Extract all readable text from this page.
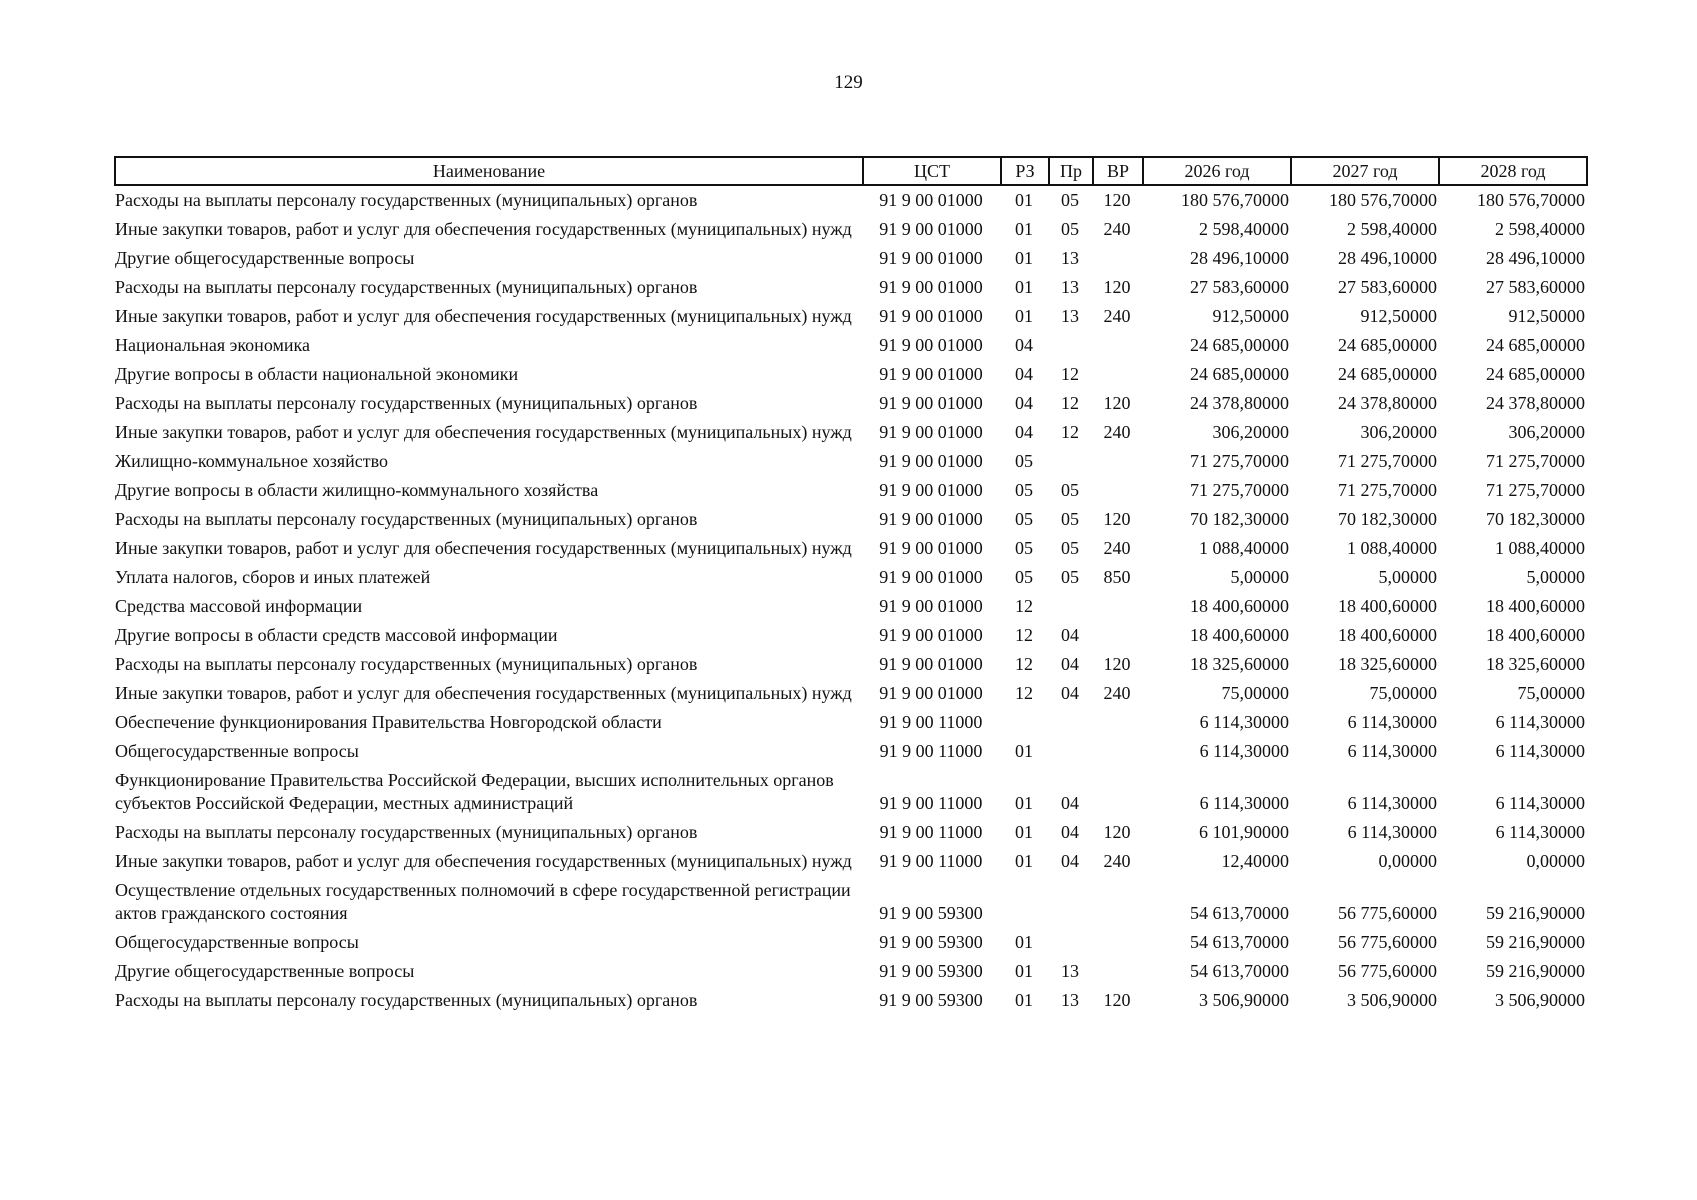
129
Наименование	ЦСТ	РЗ	Пр	ВР	2026 год	2027 год	2028 год
Расходы на выплаты персоналу государственных (муниципальных) органов	91 9 00 01000	01	05	120	180 576,70000	180 576,70000	180 576,70000
Иные закупки товаров, работ и услуг для обеспечения государственных (муниципальных) нужд	91 9 00 01000	01	05	240	2 598,40000	2 598,40000	2 598,40000
Другие общегосударственные вопросы	91 9 00 01000	01	13		28 496,10000	28 496,10000	28 496,10000
Расходы на выплаты персоналу государственных (муниципальных) органов	91 9 00 01000	01	13	120	27 583,60000	27 583,60000	27 583,60000
Иные закупки товаров, работ и услуг для обеспечения государственных (муниципальных) нужд	91 9 00 01000	01	13	240	912,50000	912,50000	912,50000
Национальная экономика	91 9 00 01000	04			24 685,00000	24 685,00000	24 685,00000
Другие вопросы в области национальной экономики	91 9 00 01000	04	12		24 685,00000	24 685,00000	24 685,00000
Расходы на выплаты персоналу государственных (муниципальных) органов	91 9 00 01000	04	12	120	24 378,80000	24 378,80000	24 378,80000
Иные закупки товаров, работ и услуг для обеспечения государственных (муниципальных) нужд	91 9 00 01000	04	12	240	306,20000	306,20000	306,20000
Жилищно-коммунальное хозяйство	91 9 00 01000	05			71 275,70000	71 275,70000	71 275,70000
Другие вопросы в области жилищно-коммунального хозяйства	91 9 00 01000	05	05		71 275,70000	71 275,70000	71 275,70000
Расходы на выплаты персоналу государственных (муниципальных) органов	91 9 00 01000	05	05	120	70 182,30000	70 182,30000	70 182,30000
Иные закупки товаров, работ и услуг для обеспечения государственных (муниципальных) нужд	91 9 00 01000	05	05	240	1 088,40000	1 088,40000	1 088,40000
Уплата налогов, сборов и иных платежей	91 9 00 01000	05	05	850	5,00000	5,00000	5,00000
Средства массовой информации	91 9 00 01000	12			18 400,60000	18 400,60000	18 400,60000
Другие вопросы в области средств массовой информации	91 9 00 01000	12	04		18 400,60000	18 400,60000	18 400,60000
Расходы на выплаты персоналу государственных (муниципальных) органов	91 9 00 01000	12	04	120	18 325,60000	18 325,60000	18 325,60000
Иные закупки товаров, работ и услуг для обеспечения государственных (муниципальных) нужд	91 9 00 01000	12	04	240	75,00000	75,00000	75,00000
Обеспечение функционирования Правительства Новгородской области	91 9 00 11000				6 114,30000	6 114,30000	6 114,30000
Общегосударственные вопросы	91 9 00 11000	01			6 114,30000	6 114,30000	6 114,30000
Функционирование Правительства Российской Федерации, высших исполнительных органов субъектов Российской Федерации, местных администраций	91 9 00 11000	01	04		6 114,30000	6 114,30000	6 114,30000
Расходы на выплаты персоналу государственных (муниципальных) органов	91 9 00 11000	01	04	120	6 101,90000	6 114,30000	6 114,30000
Иные закупки товаров, работ и услуг для обеспечения государственных (муниципальных) нужд	91 9 00 11000	01	04	240	12,40000	0,00000	0,00000
Осуществление отдельных государственных полномочий в сфере государственной регистрации актов гражданского состояния	91 9 00 59300				54 613,70000	56 775,60000	59 216,90000
Общегосударственные вопросы	91 9 00 59300	01			54 613,70000	56 775,60000	59 216,90000
Другие общегосударственные вопросы	91 9 00 59300	01	13		54 613,70000	56 775,60000	59 216,90000
Расходы на выплаты персоналу государственных (муниципальных) органов	91 9 00 59300	01	13	120	3 506,90000	3 506,90000	3 506,90000
